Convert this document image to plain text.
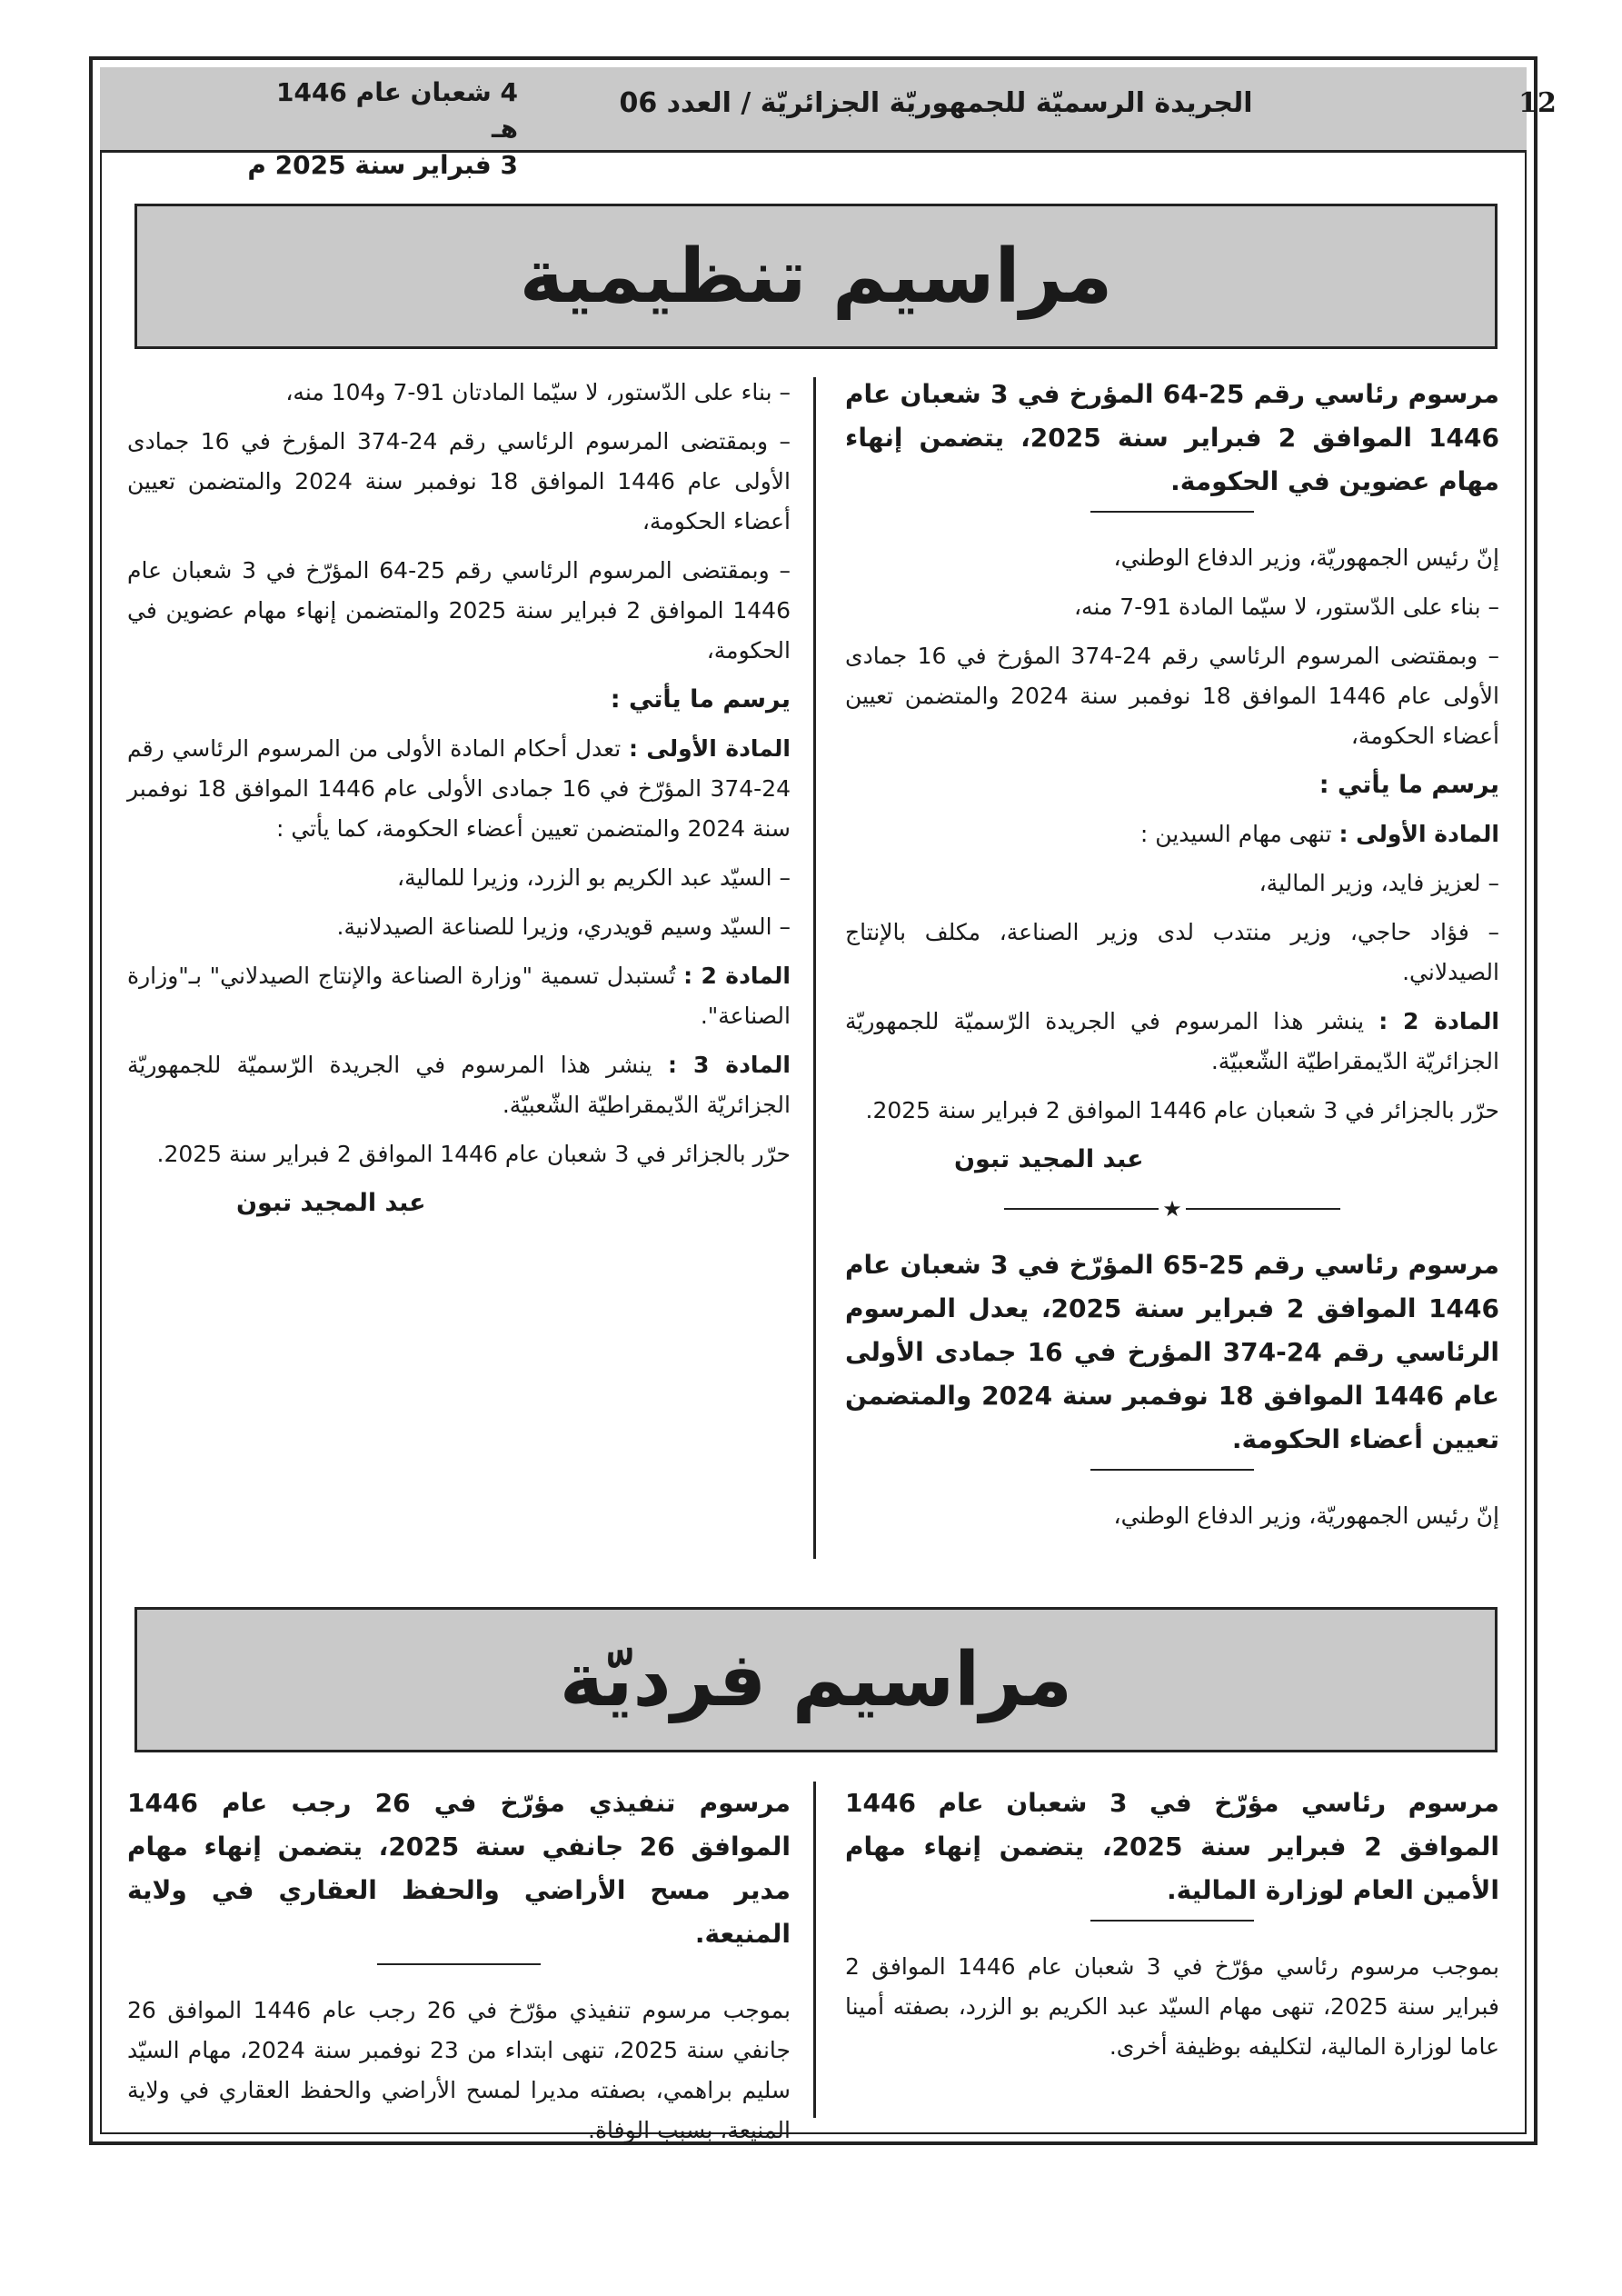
12
الجريدة الرسميّة للجمهوريّة الجزائريّة / العدد 06
4 شعبان عام 1446 هـ
3 فبراير سنة 2025 م
مراسيم تنظيمية

مرسوم رئاسي رقم 25-64 المؤرخ في 3 شعبان عام 1446 الموافق 2 فبراير سنة 2025، يتضمن إنهاء مهام عضوين في الحكومة.

إنّ رئيس الجمهوريّة، وزير الدفاع الوطني،

– بناء على الدّستور، لا سيّما المادة 91-7 منه،

– وبمقتضى المرسوم الرئاسي رقم 24-374 المؤرخ في 16 جمادى الأولى عام 1446 الموافق 18 نوفمبر سنة 2024 والمتضمن تعيين أعضاء الحكومة،

يرسم ما يأتي :

المادة الأولى : تنهى مهام السيدين :

– لعزيز فايد، وزير المالية،

– فؤاد حاجي، وزير منتدب لدى وزير الصناعة، مكلف بالإنتاج الصيدلاني.

المادة 2 : ينشر هذا المرسوم في الجريدة الرّسميّة للجمهوريّة الجزائريّة الدّيمقراطيّة الشّعبيّة.

حرّر بالجزائر في 3 شعبان عام 1446 الموافق 2 فبراير سنة 2025.

عبد المجيد تبون

★

مرسوم رئاسي رقم 25-65 المؤرّخ في 3 شعبان عام 1446 الموافق 2 فبراير سنة 2025، يعدل المرسوم الرئاسي رقم 24-374 المؤرخ في 16 جمادى الأولى عام 1446 الموافق 18 نوفمبر سنة 2024 والمتضمن تعيين أعضاء الحكومة.

إنّ رئيس الجمهوريّة، وزير الدفاع الوطني،

– بناء على الدّستور، لا سيّما المادتان 91-7 و104 منه،

– وبمقتضى المرسوم الرئاسي رقم 24-374 المؤرخ في 16 جمادى الأولى عام 1446 الموافق 18 نوفمبر سنة 2024 والمتضمن تعيين أعضاء الحكومة،

– وبمقتضى المرسوم الرئاسي رقم 25-64 المؤرّخ في 3 شعبان عام 1446 الموافق 2 فبراير سنة 2025 والمتضمن إنهاء مهام عضوين في الحكومة،

يرسم ما يأتي :

المادة الأولى : تعدل أحكام المادة الأولى من المرسوم الرئاسي رقم 24-374 المؤرّخ في 16 جمادى الأولى عام 1446 الموافق 18 نوفمبر سنة 2024 والمتضمن تعيين أعضاء الحكومة، كما يأتي :

– السيّد عبد الكريم بو الزرد، وزيرا للمالية،

– السيّد وسيم قويدري، وزيرا للصناعة الصيدلانية.

المادة 2 : تُستبدل تسمية "وزارة الصناعة والإنتاج الصيدلاني" بـ"وزارة الصناعة".

المادة 3 : ينشر هذا المرسوم في الجريدة الرّسميّة للجمهوريّة الجزائريّة الدّيمقراطيّة الشّعبيّة.

حرّر بالجزائر في 3 شعبان عام 1446 الموافق 2 فبراير سنة 2025.

عبد المجيد تبون

مراسيم فرديّة

مرسوم رئاسي مؤرّخ في 3 شعبان عام 1446 الموافق 2 فبراير سنة 2025، يتضمن إنهاء مهام الأمين العام لوزارة المالية.

بموجب مرسوم رئاسي مؤرّخ في 3 شعبان عام 1446 الموافق 2 فبراير سنة 2025، تنهى مهام السيّد عبد الكريم بو الزرد، بصفته أمينا عاما لوزارة المالية، لتكليفه بوظيفة أخرى.

مرسوم تنفيذي مؤرّخ في 26 رجب عام 1446 الموافق 26 جانفي سنة 2025، يتضمن إنهاء مهام مدير مسح الأراضي والحفظ العقاري في ولاية المنيعة.

بموجب مرسوم تنفيذي مؤرّخ في 26 رجب عام 1446 الموافق 26 جانفي سنة 2025، تنهى ابتداء من 23 نوفمبر سنة 2024، مهام السيّد سليم براهمي، بصفته مديرا لمسح الأراضي والحفظ العقاري في ولاية المنيعة، بسبب الوفاة.
